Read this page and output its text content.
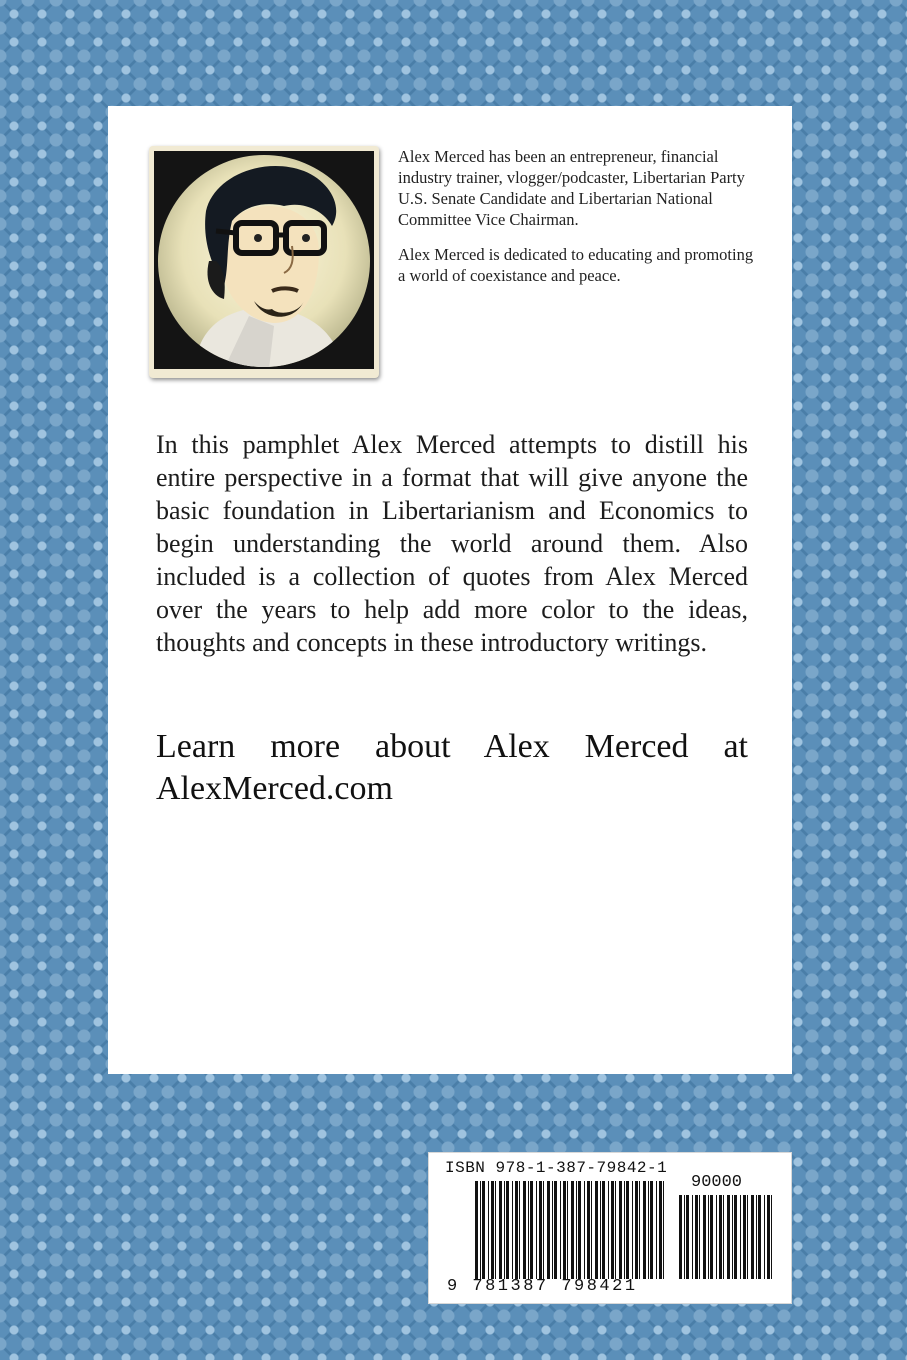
Alex Merced has been an entrepreneur, financial industry trainer, vlogger/podcaster, Libertarian Party U.S. Senate Candidate and Libertarian National Committee Vice Chairman.

Alex Merced is dedicated to educating and promoting a world of coexistance and peace.

In this pamphlet Alex Merced attempts to distill his entire perspective in a format that will give anyone the basic foundation in Libertarianism and Economics to begin understanding the world around them. Also included is a collection of quotes from Alex Merced over the years to help add more color to the ideas, thoughts and concepts in these introductory writings.

Learn more about Alex Merced at
AlexMerced.com

ISBN 978-1-387-79842-1
90000
9 781387 798421
